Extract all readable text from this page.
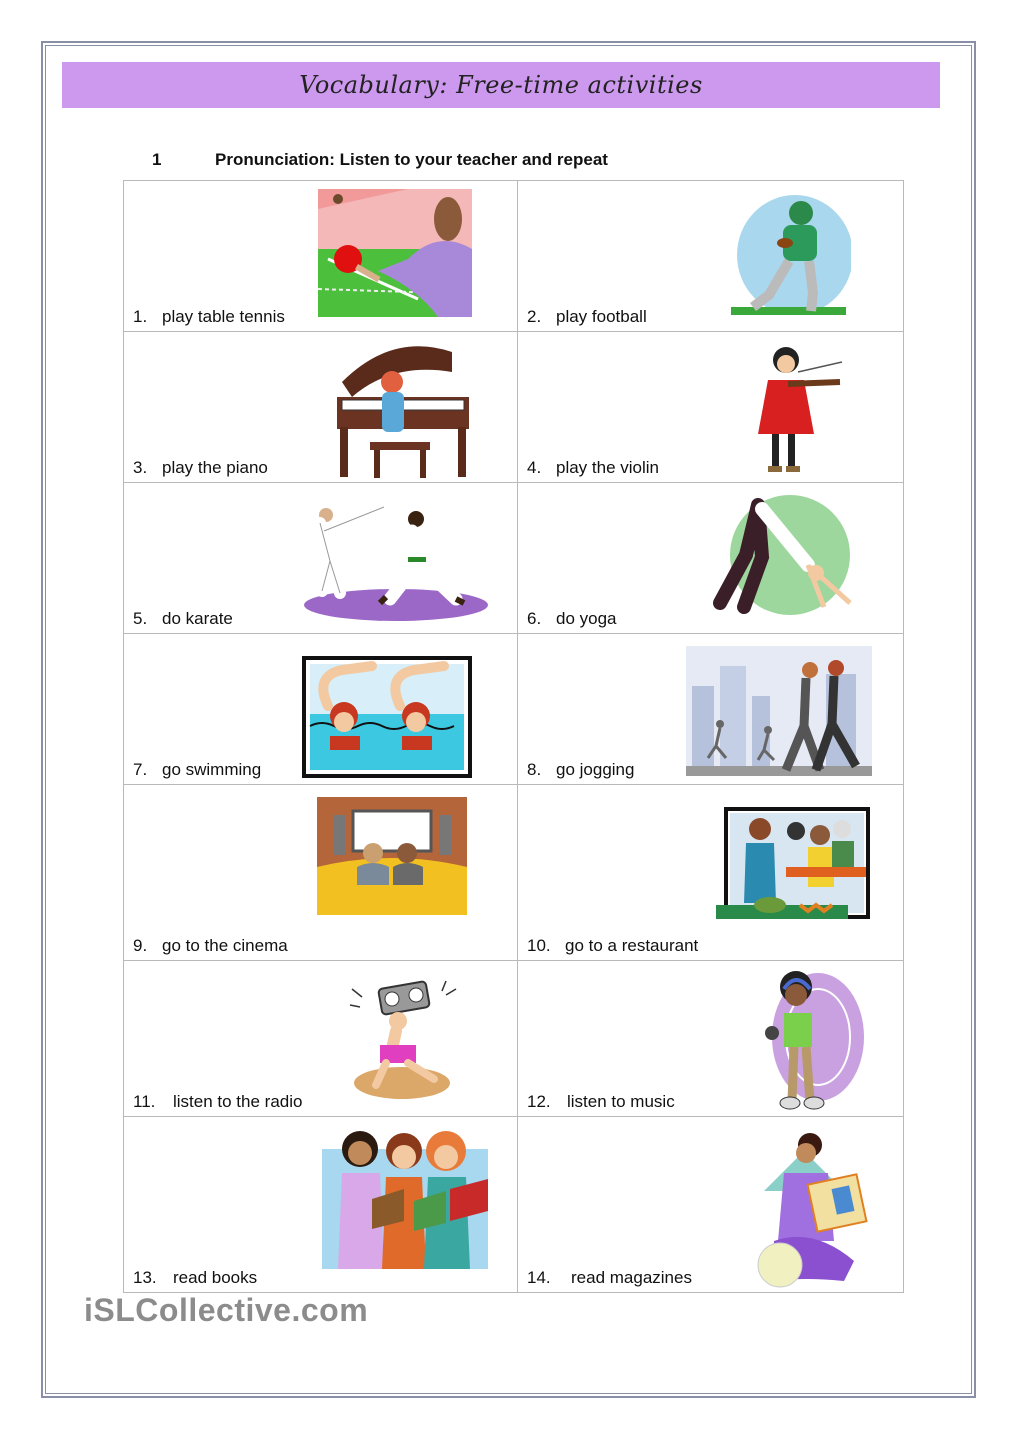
Vocabulary: Free-time activities
1	Pronunciation: Listen to your teacher and repeat
1. play table tennis	2. play football

3. play the piano	4. play the violin

5. do karate	6. do yoga

7. go swimming	8. go jogging

9. go to the cinema	10. go to a restaurant

11. listen to the radio	12. listen to music

13. read books	14. read magazines
iSLCollective.com
